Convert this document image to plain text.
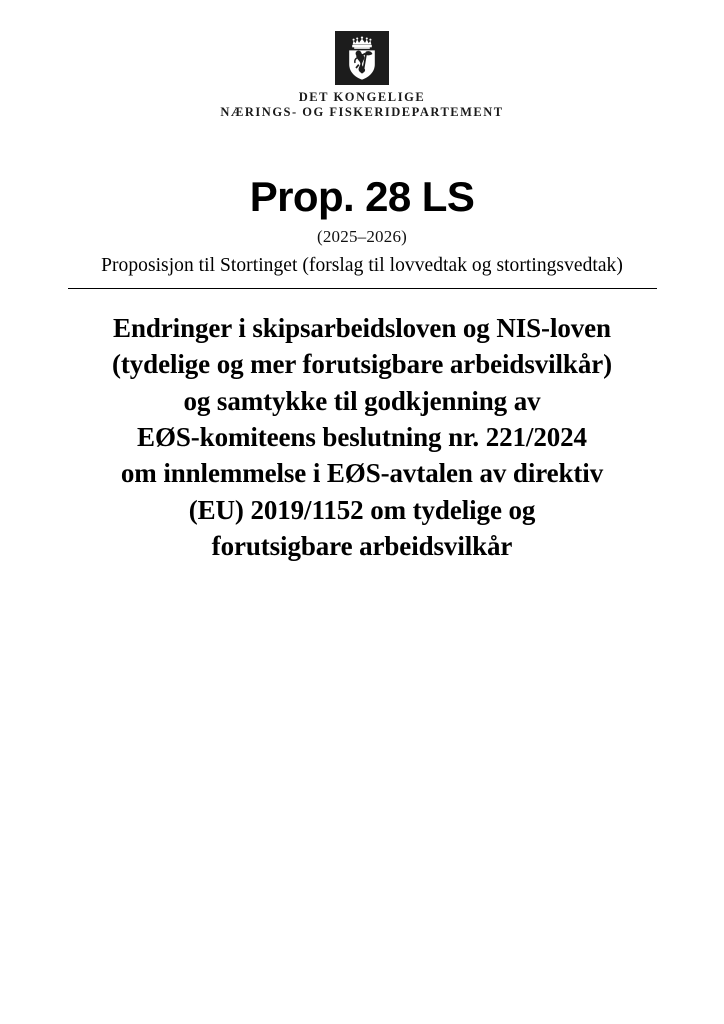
DET KONGELIGE
NÆRINGS- OG FISKERIDEPARTEMENT
Prop. 28 LS
(2025–2026)
Proposisjon til Stortinget (forslag til lovvedtak og stortingsvedtak)
Endringer i skipsarbeidsloven og NIS-loven
(tydelige og mer forutsigbare arbeidsvilkår)
og samtykke til godkjenning av
EØS-komiteens beslutning nr. 221/2024
om innlemmelse i EØS-avtalen av direktiv
(EU) 2019/1152 om tydelige og
forutsigbare arbeidsvilkår
